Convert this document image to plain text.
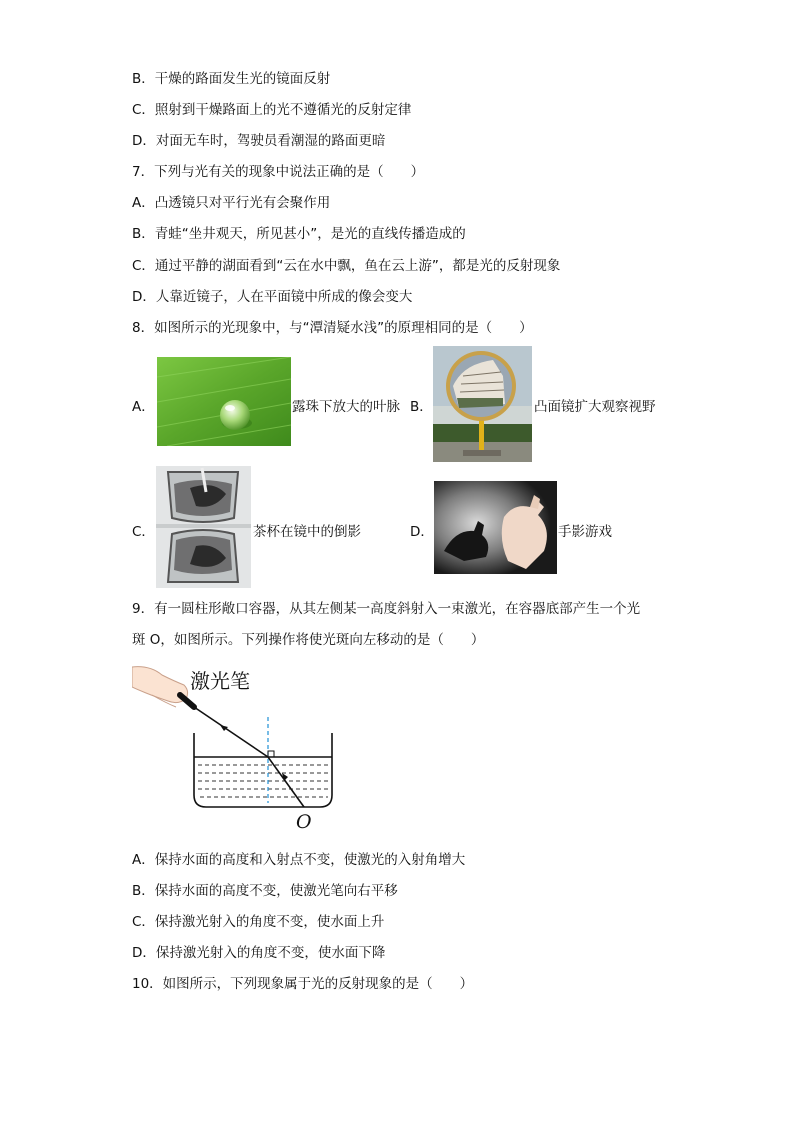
B．干燥的路面发生光的镜面反射
C．照射到干燥路面上的光不遵循光的反射定律
D．对面无车时，驾驶员看潮湿的路面更暗
7．下列与光有关的现象中说法正确的是（　　）
A．凸透镜只对平行光有会聚作用
B．青蛙“坐井观天，所见甚小”，是光的直线传播造成的
C．通过平静的湖面看到“云在水中飘，鱼在云上游”，都是光的反射现象
D．人靠近镜子，人在平面镜中所成的像会变大
8．如图所示的光现象中，与“潭清疑水浅”的原理相同的是（　　）
A．	露珠下放大的叶脉 B．	凸面镜扩大观察视野
C．	茶杯在镜中的倒影	D．	手影游戏
9．有一圆柱形敞口容器，从其左侧某一高度斜射入一束激光，在容器底部产生一个光
斑 O，如图所示。下列操作将使光斑向左移动的是（　　）
激光笔
O
A．保持水面的高度和入射点不变，使激光的入射角增大
B．保持水面的高度不变，使激光笔向右平移
C．保持激光射入的角度不变，使水面上升
D．保持激光射入的角度不变，使水面下降
10．如图所示，下列现象属于光的反射现象的是（　　）
